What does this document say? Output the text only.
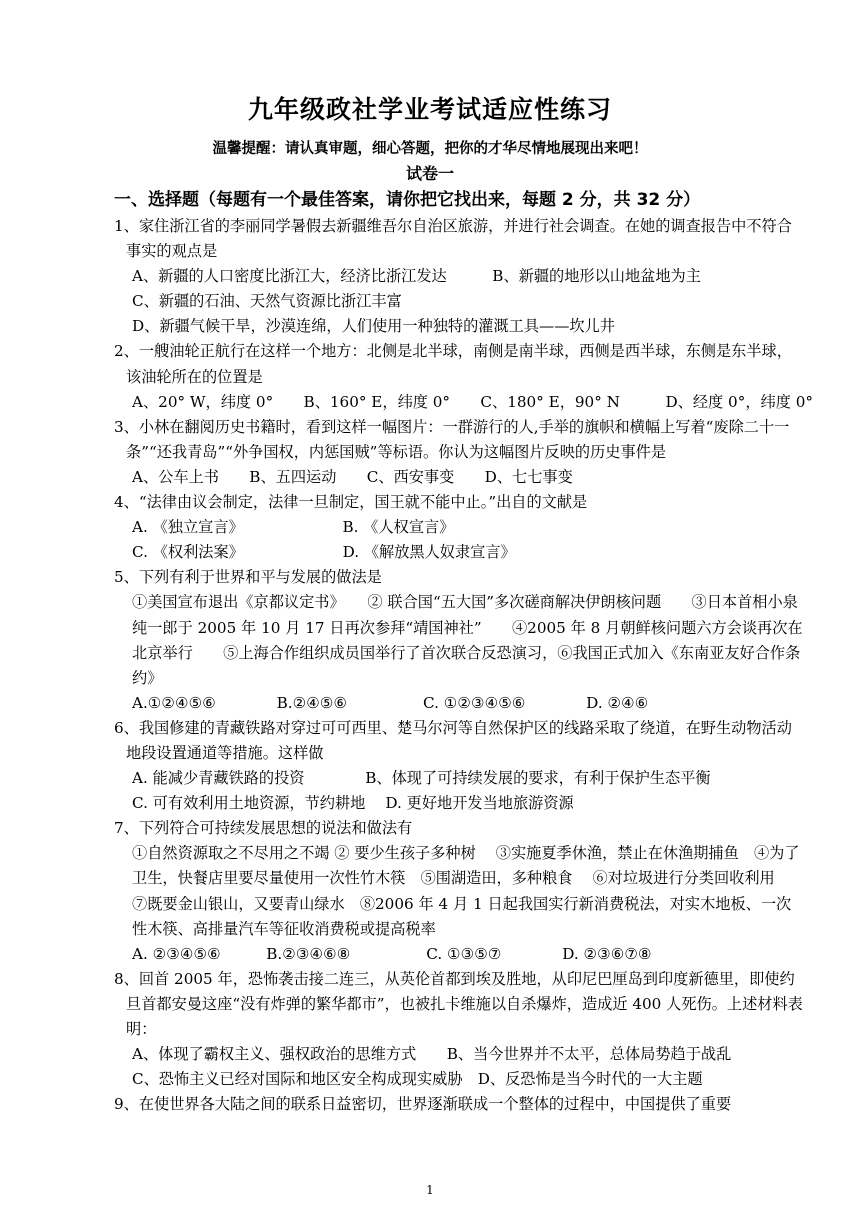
九年级政社学业考试适应性练习
温馨提醒：请认真审题，细心答题，把你的才华尽情地展现出来吧！
试卷一
一、选择题（每题有一个最佳答案，请你把它找出来，每题 2 分，共 32 分）

1、家住浙江省的李丽同学暑假去新疆维吾尔自治区旅游，并进行社会调查。在她的调查报告中不符合事实的观点是

A、新疆的人口密度比浙江大，经济比浙江发达　　　B、新疆的地形以山地盆地为主

C、新疆的石油、天然气资源比浙江丰富

D、新疆气候干旱，沙漠连绵，人们使用一种独特的灌溉工具——坎儿井

2、一艘油轮正航行在这样一个地方：北侧是北半球，南侧是南半球，西侧是西半球，东侧是东半球，该油轮所在的位置是

A、20° W，纬度 0°　　B、160° E，纬度 0°　　C、180° E，90° N　　　D、经度 0°，纬度 0°

3、小林在翻阅历史书籍时，看到这样一幅图片：一群游行的人,手举的旗帜和横幅上写着“废除二十一条”“还我青岛”“外争国权，内惩国贼”等标语。你认为这幅图片反映的历史事件是

A、公车上书　　B、五四运动　　C、西安事变　　D、七七事变

4、“法律由议会制定，法律一旦制定，国王就不能中止。”出自的文献是

A. 《独立宣言》　　　　　　　B. 《人权宣言》

C. 《权利法案》　　　　　　　D. 《解放黑人奴隶宣言》

5、下列有利于世界和平与发展的做法是

①美国宣布退出《京都议定书》　　② 联合国“五大国”多次磋商解决伊朗核问题　　③日本首相小泉纯一郎于 2005 年 10 月 17 日再次参拜“靖国神社”　　④2005 年 8 月朝鲜核问题六方会谈再次在北京举行　　⑤上海合作组织成员国举行了首次联合反恐演习，⑥我国正式加入《东南亚友好合作条约》

A.①②④⑤⑥　　　　B.②④⑤⑥　　　　　C. ①②③④⑤⑥　　　　D. ②④⑥

6、我国修建的青藏铁路对穿过可可西里、楚马尔河等自然保护区的线路采取了绕道，在野生动物活动地段设置通道等措施。这样做

A. 能减少青藏铁路的投资　　　　B、体现了可持续发展的要求，有利于保护生态平衡

C. 可有效利用土地资源，节约耕地　 D. 更好地开发当地旅游资源

7、下列符合可持续发展思想的说法和做法有

①自然资源取之不尽用之不竭 ② 要少生孩子多种树　 ③实施夏季休渔，禁止在休渔期捕鱼　④为了卫生，快餐店里要尽量使用一次性竹木筷　⑤围湖造田，多种粮食　 ⑥对垃圾进行分类回收利用　⑦既要金山银山，又要青山绿水　⑧2006 年 4 月 1 日起我国实行新消费税法，对实木地板、一次性木筷、高排量汽车等征收消费税或提高税率

A. ②③④⑤⑥　　　B.②③④⑥⑧　　　　　C. ①③⑤⑦　　　　D. ②③⑥⑦⑧

8、回首 2005 年，恐怖袭击接二连三，从英伦首都到埃及胜地，从印尼巴厘岛到印度新德里，即使约旦首都安曼这座“没有炸弹的繁华都市”，也被扎卡维施以自杀爆炸，造成近 400 人死伤。上述材料表明：

A、体现了霸权主义、强权政治的思维方式　　B、当今世界并不太平，总体局势趋于战乱

C、恐怖主义已经对国际和地区安全构成现实威胁　D、反恐怖是当今时代的一大主题

9、在使世界各大陆之间的联系日益密切，世界逐渐联成一个整体的过程中，中国提供了重要

1
